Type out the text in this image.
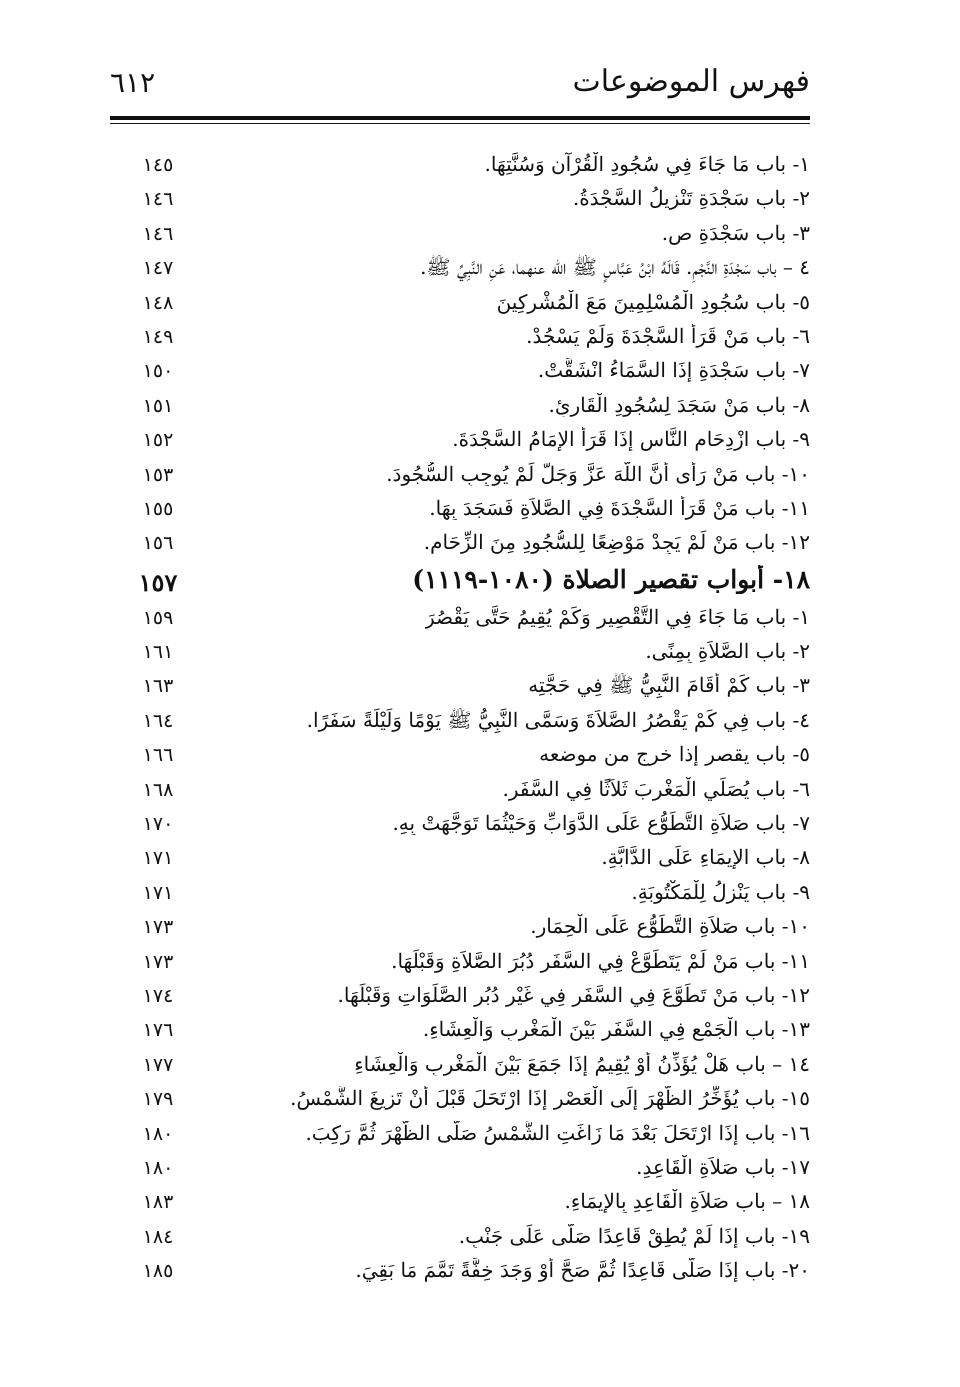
فهرس الموضوعات
٦١٢
١- باب مَا جَاءَ فِي سُجُودِ الْقُرْآنِ وَسُنَّتِهَا.
١٤٥
٢- باب سَجْدَةِ تَنْزِيلُ السَّجْدَةُ.
١٤٦
٣- باب سَجْدَةِ ص.
١٤٦
٤ – باب سَجْدَةِ النَّجْمِ. قَالَهُ ابْنُ عَبَّاسٍ ﷺ الله عنهما، عَنِ النَّبِيِّ ﷺ.
١٤٧
٥- باب سُجُودِ الْمُسْلِمِينَ مَعَ الْمُشْرِكِينَ
١٤٨
٦- باب مَنْ قَرَأَ السَّجْدَةَ وَلَمْ يَسْجُدْ.
١٤٩
٧- باب سَجْدَةِ إِذَا السَّمَاءُ انْشَقَّتْ.
١٥٠
٨- باب مَنْ سَجَدَ لِسُجُودِ الْقَارِئِ.
١٥١
٩- باب ازْدِحَامِ النَّاسِ إِذَا قَرَأَ الإِمَامُ السَّجْدَةَ.
١٥٢
١٠- باب مَنْ رَأَى أَنَّ اللَّهَ عَزَّ وَجَلَّ لَمْ يُوجِبِ السُّجُودَ.
١٥٣
١١- باب مَنْ قَرَأَ السَّجْدَةَ فِي الصَّلاَةِ فَسَجَدَ بِهَا.
١٥٥
١٢- باب مَنْ لَمْ يَجِدْ مَوْضِعًا لِلسُّجُودِ مِنَ الزِّحَامِ.
١٥٦
١٨- أبواب تقصير الصلاة (١٠٨٠-١١١٩)
١٥٧
١- باب مَا جَاءَ فِي التَّقْصِيرِ وَكَمْ يُقِيمُ حَتَّى يَقْصُرَ
١٥٩
٢- باب الصَّلاَةِ بِمِنًى.
١٦١
٣- باب كَمْ أَقَامَ النَّبِيُّ ﷺ فِي حَجَّتِه
١٦٣
٤- باب فِي كَمْ يَقْصُرُ الصَّلاَةَ وَسَمَّى النَّبِيُّ ﷺ يَوْمًا وَلَيْلَةً سَفَرًا.
١٦٤
٥- باب يقصر إذا خرج من موضعه
١٦٦
٦- باب يُصَلِّي الْمَغْرِبَ ثَلاَثًا فِي السَّفَرِ.
١٦٨
٧- باب صَلاَةِ التَّطَوُّعِ عَلَى الدَّوَابِّ وَحَيْثُمَا تَوَجَّهَتْ بِهِ.
١٧٠
٨- باب الإِيمَاءِ عَلَى الدَّابَّةِ.
١٧١
٩- باب يَنْزِلُ لِلْمَكْتُوبَةِ.
١٧١
١٠- باب صَلاَةِ التَّطَوُّعِ عَلَى الْحِمَارِ.
١٧٣
١١- باب مَنْ لَمْ يَتَطَوَّعْ فِي السَّفَرِ دُبُرَ الصَّلاَةِ وَقَبْلَهَا.
١٧٣
١٢- باب مَنْ تَطَوَّعَ فِي السَّفَرِ فِي غَيْرِ دُبُرِ الصَّلَوَاتِ وَقَبْلَهَا.
١٧٤
١٣- باب الْجَمْعِ فِي السَّفَرِ بَيْنَ الْمَغْرِبِ وَالْعِشَاءِ.
١٧٦
١٤ – باب هَلْ يُؤَذِّنُ أَوْ يُقِيمُ إِذَا جَمَعَ بَيْنَ الْمَغْرِبِ وَالْعِشَاءِ
١٧٧
١٥- باب يُؤَخِّرُ الظُّهْرَ إِلَى الْعَصْرِ إِذَا ارْتَحَلَ قَبْلَ أَنْ تَزِيغَ الشَّمْسُ.
١٧٩
١٦- باب إِذَا ارْتَحَلَ بَعْدَ مَا زَاغَتِ الشَّمْسُ صَلَّى الظُّهْرَ ثُمَّ رَكِبَ.
١٨٠
١٧- باب صَلاَةِ الْقَاعِدِ.
١٨٠
١٨ – باب صَلاَةِ الْقَاعِدِ بِالإِيمَاءِ.
١٨٣
١٩- باب إِذَا لَمْ يُطِقْ قَاعِدًا صَلَّى عَلَى جَنْبٍ.
١٨٤
٢٠- باب إِذَا صَلَّى قَاعِدًا ثُمَّ صَحَّ أَوْ وَجَدَ خِفَّةً تَمَّمَ مَا بَقِيَ.
١٨٥
